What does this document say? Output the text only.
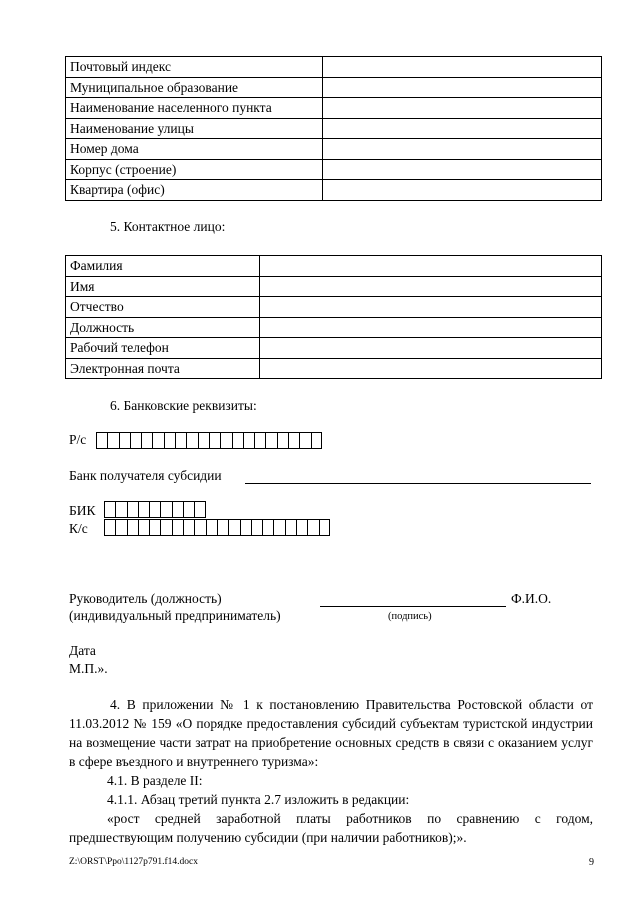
Почтовый индекс	
Муниципальное образование	
Наименование населенного пункта	
Наименование улицы	
Номер дома	
Корпус (строение)	
Квартира (офис)	
5. Контактное лицо:
Фамилия	
Имя	
Отчество	
Должность	
Рабочий телефон	
Электронная почта	
6. Банковские реквизиты:
Р/с
Банк получателя субсидии
БИК
К/с
Руководитель (должность)	Ф.И.О.
(индивидуальный предприниматель)	(подпись)
Дата
М.П.».
4. В приложении № 1 к постановлению Правительства Ростовской области от 11.03.2012 № 159 «О порядке предоставления субсидий субъектам туристской индустрии на возмещение части затрат на приобретение основных средств в связи с оказанием услуг в сфере въездного и внутреннего туризма»:
4.1. В разделе II:
4.1.1. Абзац третий пункта 2.7 изложить в редакции:
«рост средней заработной платы работников по сравнению с годом, предшествующим получению субсидии (при наличии работников);».
Z:\ORST\Ppo\1127p791.f14.docx	9
